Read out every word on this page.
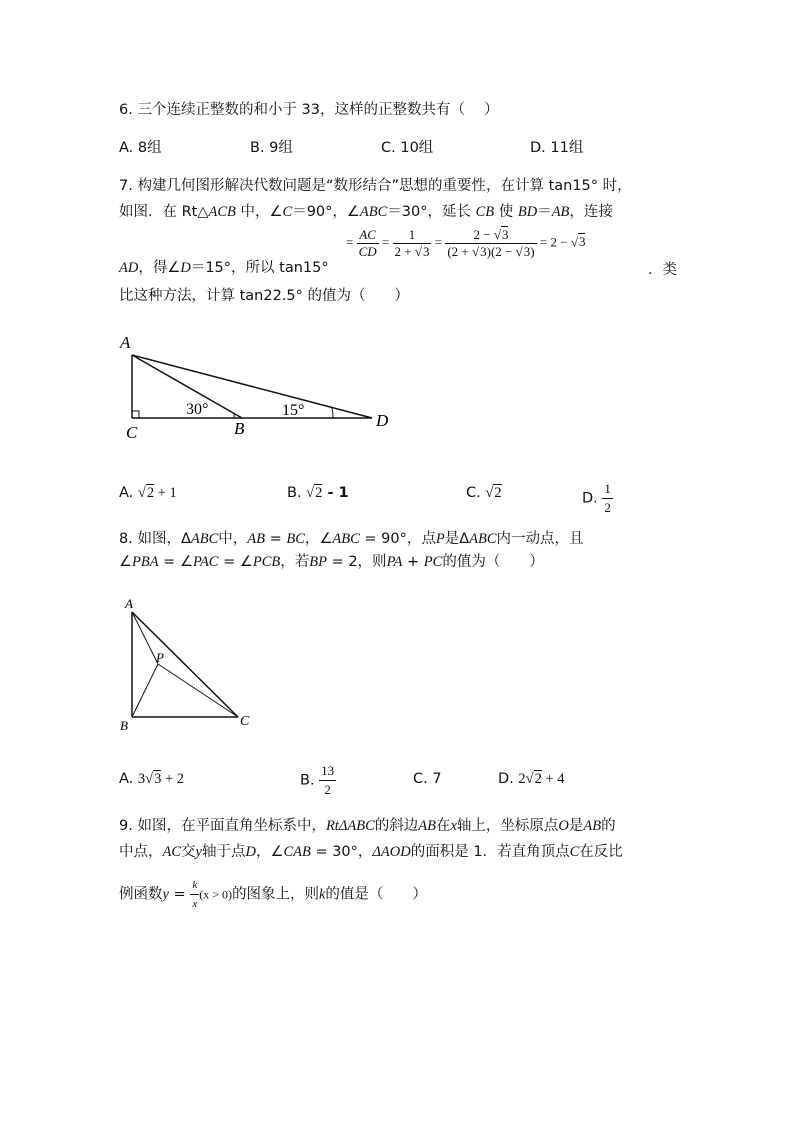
6. 三个连续正整数的和小于 33，这样的正整数共有（　 ）
A. 8组	B. 9组	C. 10组	D. 11组
7. 构建几何图形解决代数问题是“数形结合”思想的重要性，在计算 tan15° 时，
如图．在 Rt△ACB 中，∠C＝90°，∠ABC＝30°，延长 CB 使 BD＝AB，连接
AD，得∠D＝15°，所以 tan15°
= $\frac{AC}{CD} = \frac{1}{2 + √3} = \frac{2 - √3}{(2 + √3)(2 - √3)} = 2 - √3$
．类
比这种方法，计算 tan22.5° 的值为（　　）
A
C	B	D
30°	15°
A. √2 + 1	B. √2 - 1	C. √2	D. $\frac{1}{2}$
8. 如图，ΔABC中，AB = BC，∠ABC = 90°，点P是ΔABC内一动点，且
∠PBA = ∠PAC = ∠PCB，若BP = 2，则PA + PC的值为（　　）
A
B	C
P
A. 3√3 + 2	B. $\frac{13}{2}$	C. 7	D. 2√2 + 4
9. 如图，在平面直角坐标系中，RtΔABC的斜边AB在x轴上，坐标原点O是AB的
中点，AC交y轴于点D，∠CAB = 30°，ΔAOD的面积是 1．若直角顶点C在反比
例函数$y = \frac{k}{x} (x > 0)$的图象上，则k的值是（　　）
